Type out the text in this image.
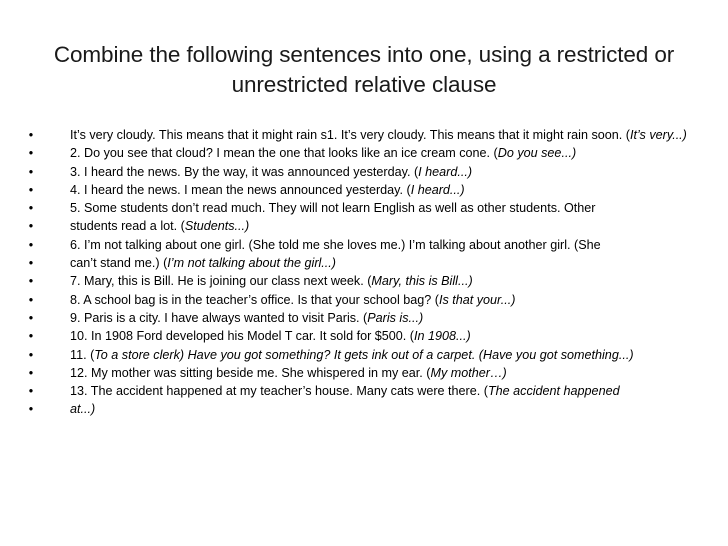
Combine the following sentences into one, using a restricted or unrestricted relative clause
•	It’s very cloudy. This means that it might rain s1. It’s very cloudy. This means that it might rain soon. (It’s very...)
•	2. Do you see that cloud? I mean the one that looks like an ice cream cone. (Do you see...)
•	3. I heard the news. By the way, it was announced yesterday. (I heard...)
•	4. I heard the news. I mean the news announced yesterday. (I heard...)
•	5. Some students don’t read much. They will not learn English as well as other students. Other
•	students read a lot. (Students...)
•	6. I’m not talking about one girl. (She told me she loves me.) I’m talking about another girl. (She
•	can’t stand me.) (I’m not talking about the girl...)
•	7. Mary, this is Bill. He is joining our class next week. (Mary, this is Bill...)
•	8. A school bag is in the teacher’s office. Is that your school bag? (Is that your...)
•	9. Paris is a city. I have always wanted to visit Paris. (Paris is...)
•	10. In 1908 Ford developed his Model T car. It sold for $500. (In 1908...)
•	11. (To a store clerk) Have you got something? It gets ink out of a carpet. (Have you got something...)
•	12. My mother was sitting beside me. She whispered in my ear. (My mother…)
•	13. The accident happened at my teacher’s house. Many cats were there. (The accident happened
•	at...)
